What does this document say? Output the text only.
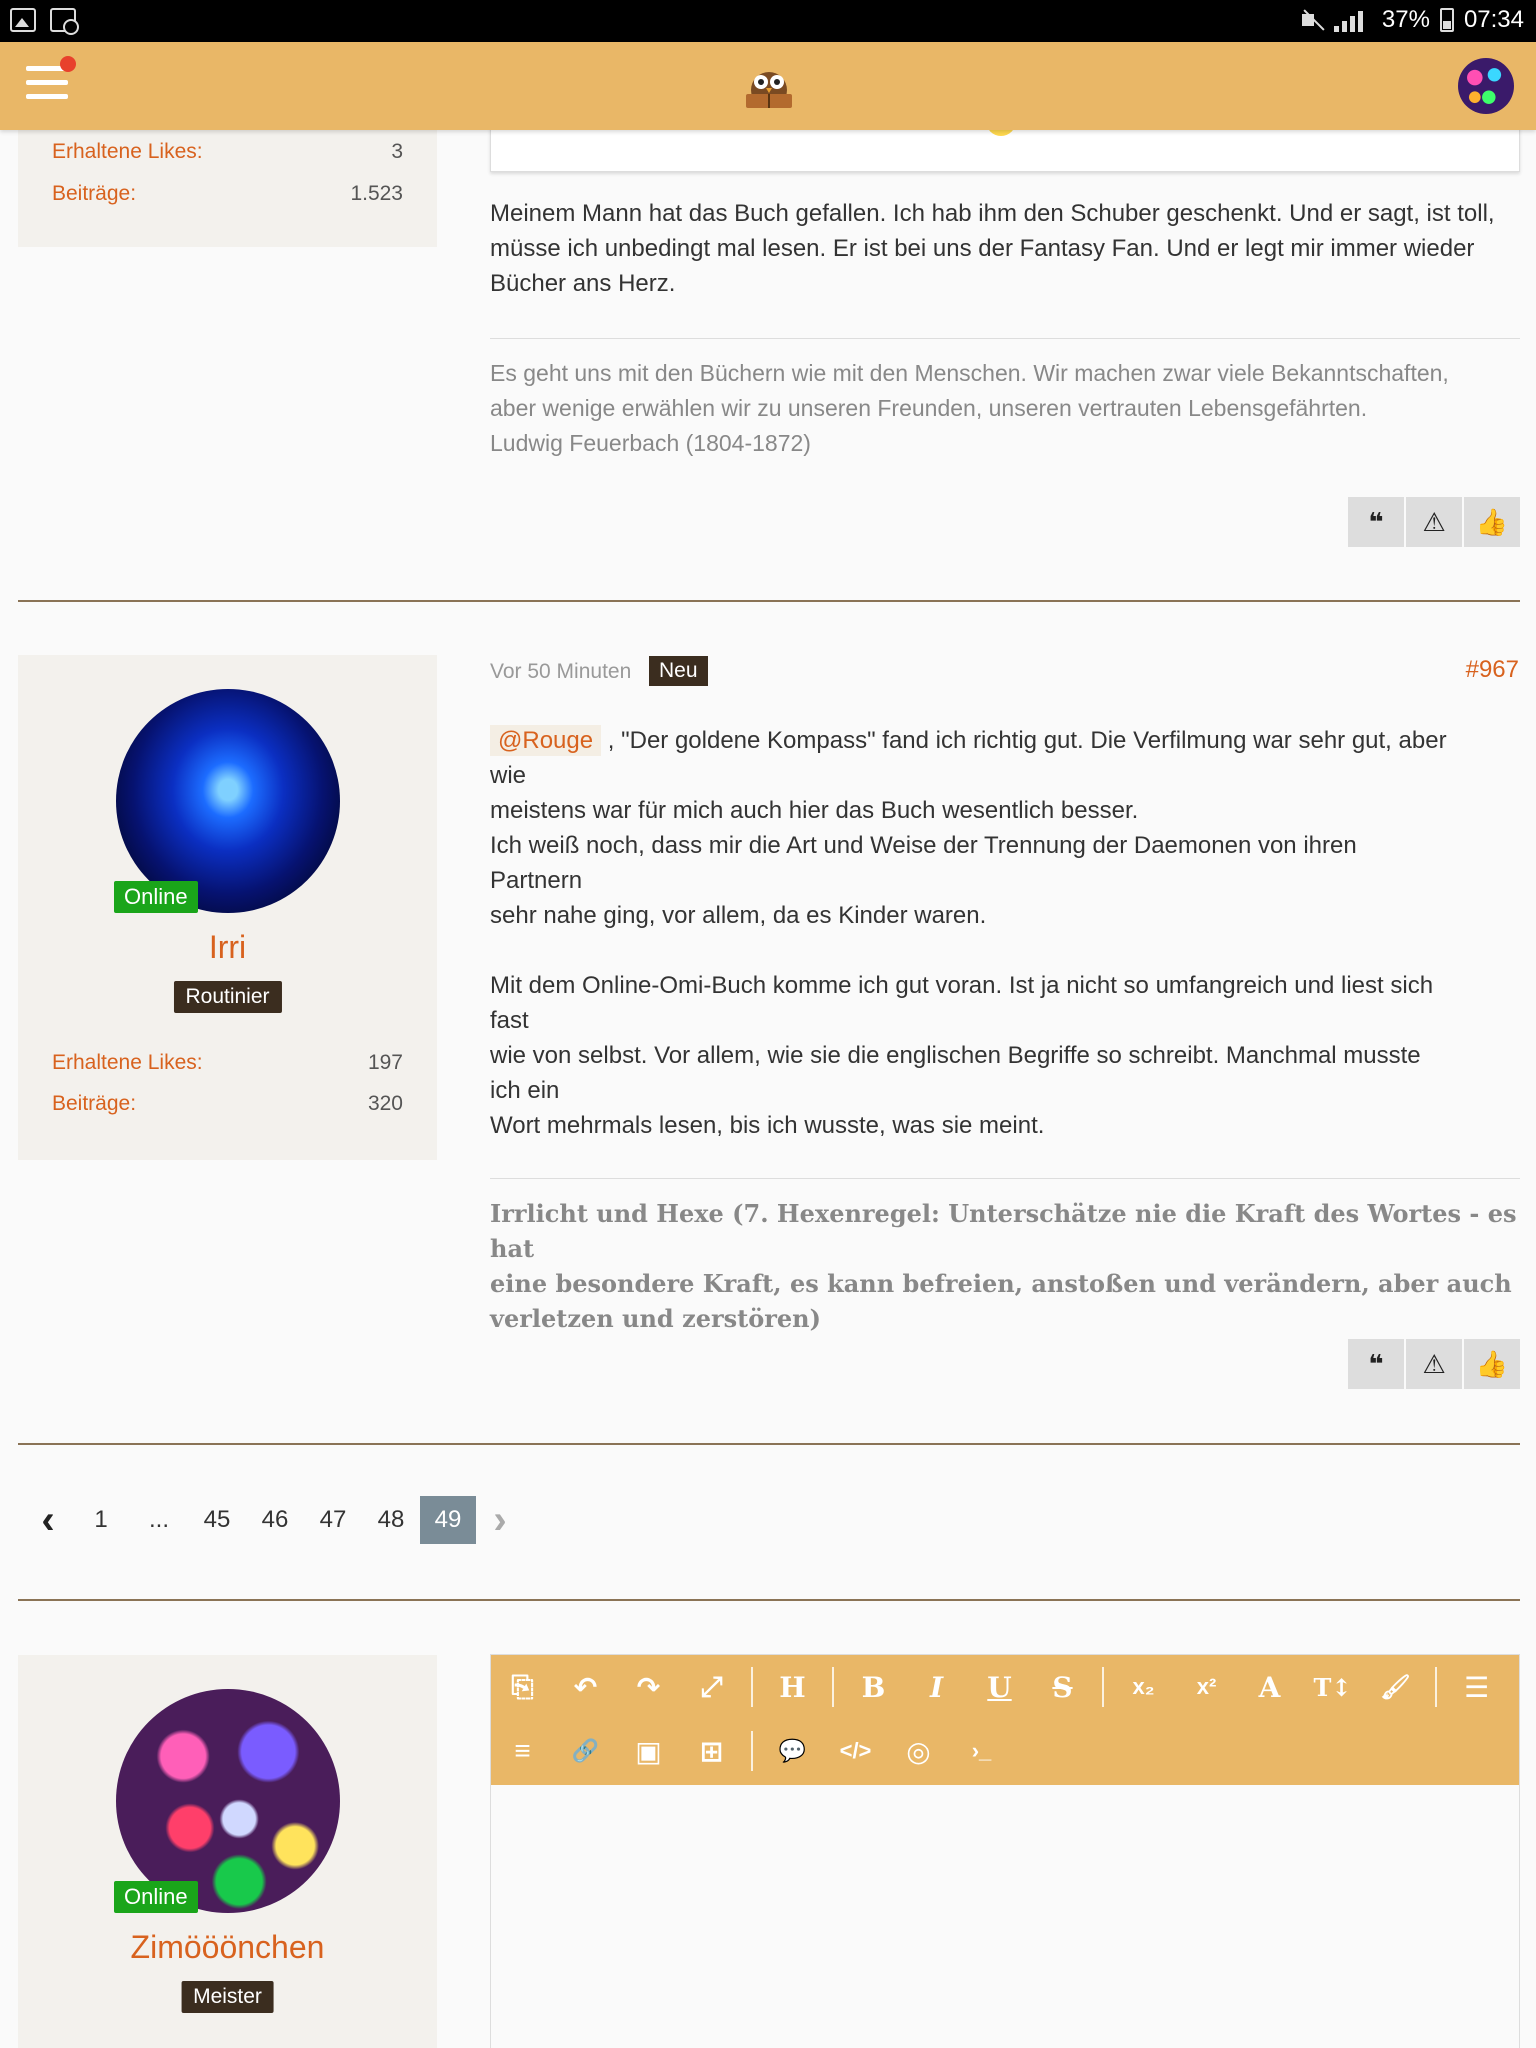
37% 07:34
Erhaltene Likes:	3
Beiträge:	1.523
Meinem Mann hat das Buch gefallen. Ich hab ihm den Schuber geschenkt. Und er sagt, ist toll, müsse ich unbedingt mal lesen. Er ist bei uns der Fantasy Fan. Und er legt mir immer wieder Bücher ans Herz.
Es geht uns mit den Büchern wie mit den Menschen. Wir machen zwar viele Bekanntschaften,
aber wenige erwählen wir zu unseren Freunden, unseren vertrauten Lebensgefährten.
Ludwig Feuerbach (1804-1872)
❝	⚠	👍
Online
Irri
Routinier
Erhaltene Likes:	197
Beiträge:	320
Vor 50 Minuten	Neu	#967
@Rouge , "Der goldene Kompass" fand ich richtig gut. Die Verfilmung war sehr gut, aber
wie
meistens war für mich auch hier das Buch wesentlich besser.
Ich weiß noch, dass mir die Art und Weise der Trennung der Daemonen von ihren
Partnern
sehr nahe ging, vor allem, da es Kinder waren.
Mit dem Online-Omi-Buch komme ich gut voran. Ist ja nicht so umfangreich und liest sich
fast
wie von selbst. Vor allem, wie sie die englischen Begriffe so schreibt. Manchmal musste
ich ein
Wort mehrmals lesen, bis ich wusste, was sie meint.
Irrlicht und Hexe (7. Hexenregel: Unterschätze nie die Kraft des Wortes - es hat
eine besondere Kraft, es kann befreien, anstoßen und verändern, aber auch
verletzen und zerstören)
❝	⚠	👍
‹	1	...	45	46	47	48	49 ›
Online
Zimööönchen
Meister
⎘	↶	↷	⤢	H	B	I	U	S	x₂	x²	A	T↕	🖌	☰
≡	🔗	▣	⊞	💬	</>	◎	›_
